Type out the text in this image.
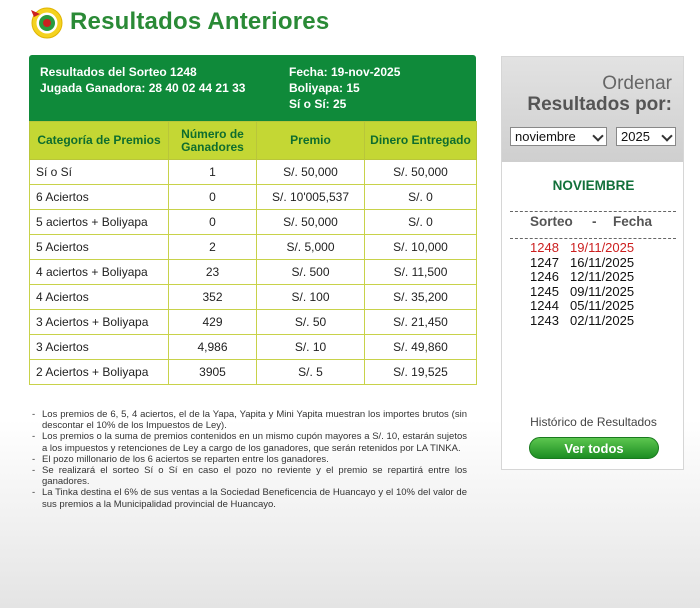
Resultados Anteriores
Resultados del Sorteo 1248
Jugada Ganadora: 28 40 02 44 21 33
Fecha: 19-nov-2025
Boliyapa: 15
Sí o Sí: 25
Categoría de Premios	Número de Ganadores	Premio	Dinero Entregado
Sí o Sí	1	S/. 50,000	S/. 50,000
6 Aciertos	0	S/. 10'005,537	S/. 0
5 aciertos + Boliyapa	0	S/. 50,000	S/. 0
5 Aciertos	2	S/. 5,000	S/. 10,000
4 aciertos + Boliyapa	23	S/. 500	S/. 11,500
4 Aciertos	352	S/. 100	S/. 35,200
3 Aciertos + Boliyapa	429	S/. 50	S/. 21,450
3 Aciertos	4,986	S/. 10	S/. 49,860
2 Aciertos + Boliyapa	3905	S/. 5	S/. 19,525
- Los premios de 6, 5, 4 aciertos, el de la Yapa, Yapita y Mini Yapita muestran los importes brutos (sin descontar el 10% de los Impuestos de Ley).
- Los premios o la suma de premios contenidos en un mismo cupón mayores a S/. 10, estarán sujetos a los impuestos y retenciones de Ley a cargo de los ganadores, que serán retenidos por LA TINKA.
- El pozo millonario de los 6 aciertos se reparten entre los ganadores.
- Se realizará el sorteo Sí o Sí en caso el pozo no reviente y el premio se repartirá entre los ganadores.
- La Tinka destina el 6% de sus ventas a la Sociedad Beneficencia de Huancayo y el 10% del valor de sus premios a la Municipalidad provincial de Huancayo.
Ordenar
Resultados por:
noviembre	2025
NOVIEMBRE
Sorteo - Fecha
1248 19/11/2025
1247 16/11/2025
1246 12/11/2025
1245 09/11/2025
1244 05/11/2025
1243 02/11/2025
Histórico de Resultados
Ver todos
